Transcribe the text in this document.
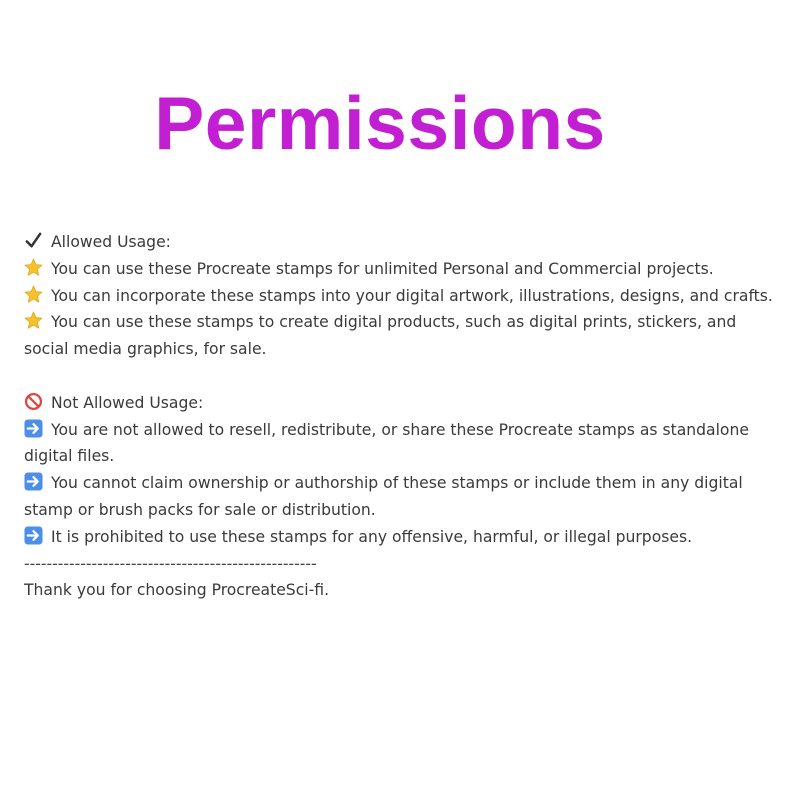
Permissions
Allowed Usage:
You can use these Procreate stamps for unlimited Personal and Commercial projects.
You can incorporate these stamps into your digital artwork, illustrations, designs, and crafts.
You can use these stamps to create digital products, such as digital prints, stickers, and social media graphics, for sale.
Not Allowed Usage:
You are not allowed to resell, redistribute, or share these Procreate stamps as standalone digital files.
You cannot claim ownership or authorship of these stamps or include them in any digital stamp or brush packs for sale or distribution.
It is prohibited to use these stamps for any offensive, harmful, or illegal purposes.
----------------------------------------------------
Thank you for choosing ProcreateSci-fi.
